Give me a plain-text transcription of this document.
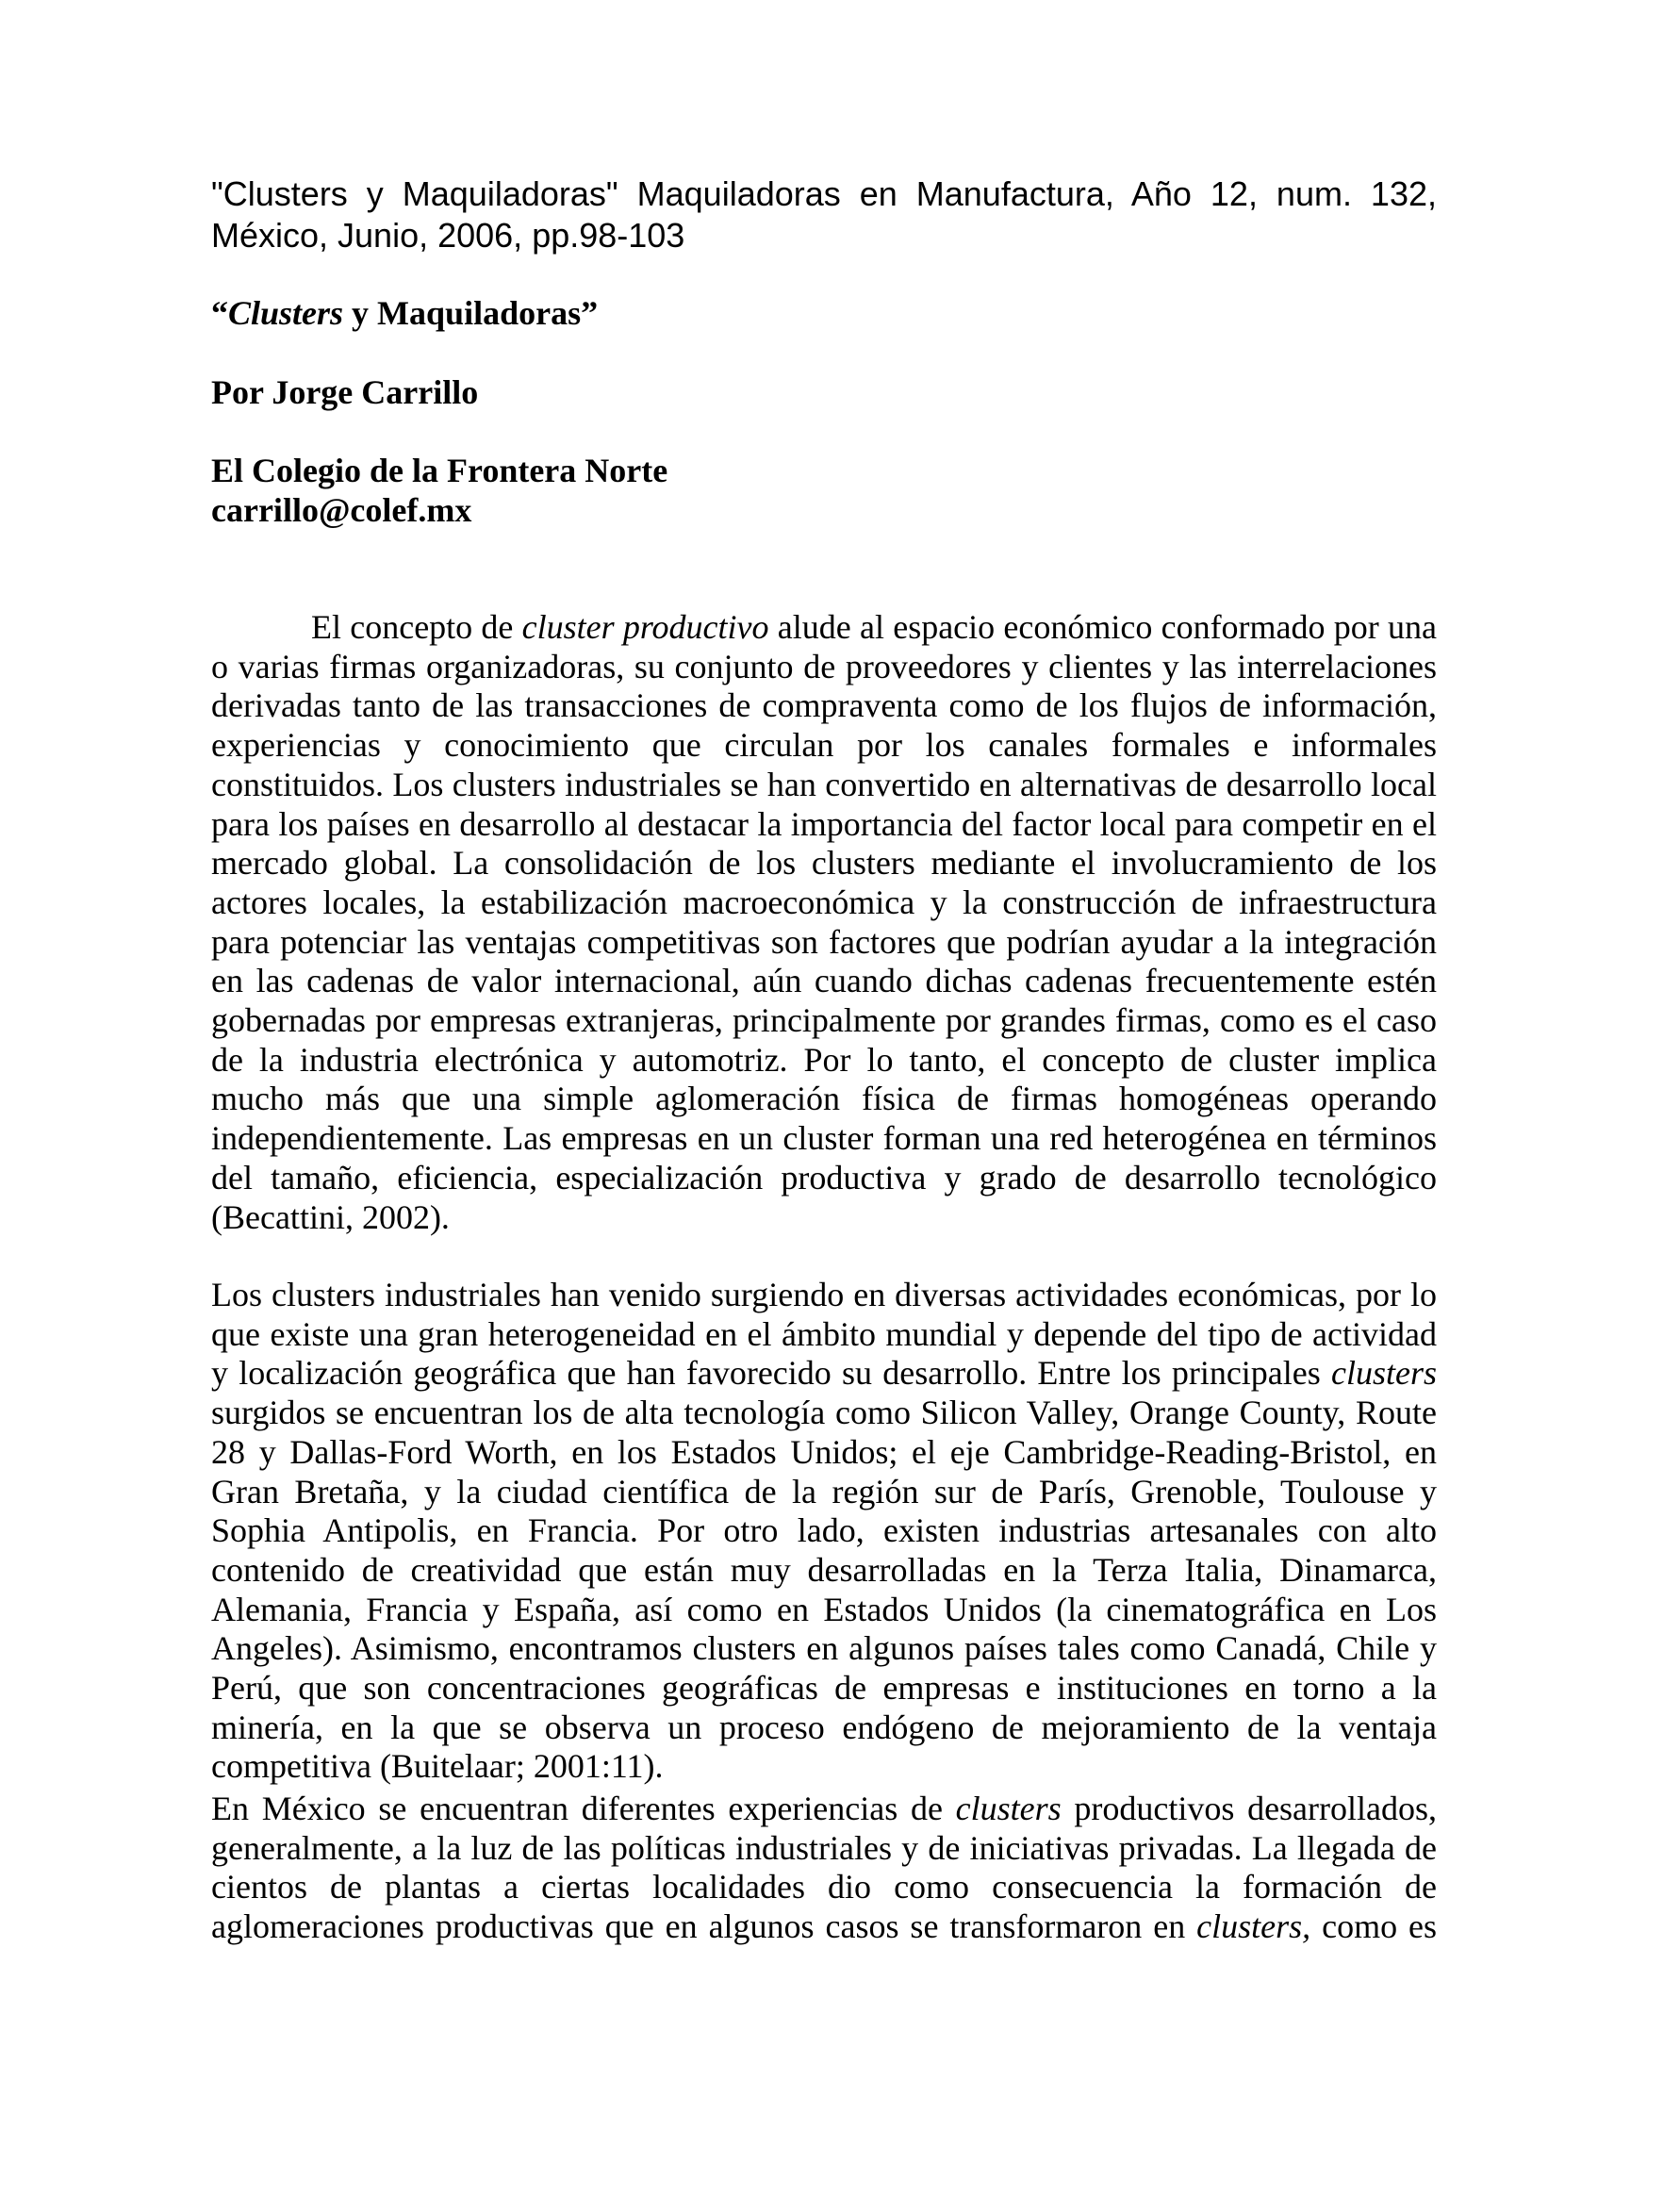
"Clusters y Maquiladoras" Maquiladoras en Manufactura, Año 12, num. 132, México, Junio, 2006, pp.98-103
“Clusters y Maquiladoras”
Por Jorge Carrillo
El Colegio de la Frontera Norte
carrillo@colef.mx

El concepto de cluster productivo alude al espacio económico conformado por una o varias firmas organizadoras, su conjunto de proveedores y clientes y las interrelaciones derivadas tanto de las transacciones de compraventa como de los flujos de información, experiencias y conocimiento que circulan por los canales formales e informales constituidos. Los clusters industriales se han convertido en alternativas de desarrollo local para los países en desarrollo al destacar la importancia del factor local para competir en el mercado global. La consolidación de los clusters mediante el involucramiento de los actores locales, la estabilización macroeconómica y la construcción de infraestructura para potenciar las ventajas competitivas son factores que podrían ayudar a la integración en las cadenas de valor internacional, aún cuando dichas cadenas frecuentemente estén gobernadas por empresas extranjeras, principalmente por grandes firmas, como es el caso de la industria electrónica y automotriz. Por lo tanto, el concepto de cluster implica mucho más que una simple aglomeración física de firmas homogéneas operando independientemente. Las empresas en un cluster forman una red heterogénea en términos del tamaño, eficiencia, especialización productiva y grado de desarrollo tecnológico (Becattini, 2002).

Los clusters industriales han venido surgiendo en diversas actividades económicas, por lo que existe una gran heterogeneidad en el ámbito mundial y depende del tipo de actividad y localización geográfica que han favorecido su desarrollo. Entre los principales clusters surgidos se encuentran los de alta tecnología como Silicon Valley, Orange County, Route 28 y Dallas-Ford Worth, en los Estados Unidos; el eje Cambridge-Reading-Bristol, en Gran Bretaña, y la ciudad científica de la región sur de París, Grenoble, Toulouse y Sophia Antipolis, en Francia. Por otro lado, existen industrias artesanales con alto contenido de creatividad que están muy desarrolladas en la Terza Italia, Dinamarca, Alemania, Francia y España, así como en Estados Unidos (la cinematográfica en Los Angeles). Asimismo, encontramos clusters en algunos países tales como Canadá, Chile y Perú, que son concentraciones geográficas de empresas e instituciones en torno a la minería, en la que se observa un proceso endógeno de mejoramiento de la ventaja competitiva (Buitelaar; 2001:11).

En México se encuentran diferentes experiencias de clusters productivos desarrollados, generalmente, a la luz de las políticas industriales y de iniciativas privadas. La llegada de cientos de plantas a ciertas localidades dio como consecuencia la formación de aglomeraciones productivas que en algunos casos se transformaron en clusters, como es
